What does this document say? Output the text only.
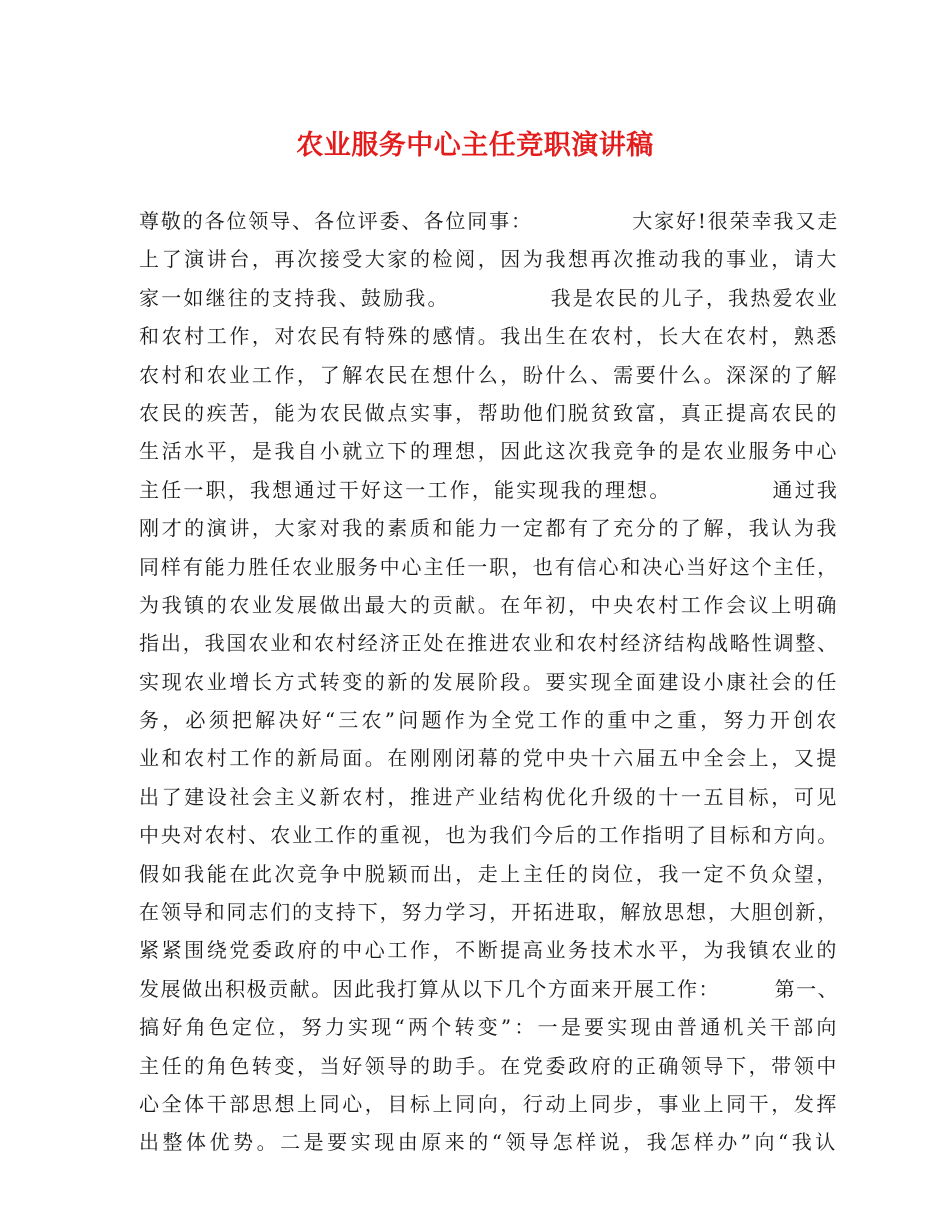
农业服务中心主任竞职演讲稿
尊敬的各位领导、各位评委、各位同事：　　　　　大家好!很荣幸我又走
上了演讲台，再次接受大家的检阅，因为我想再次推动我的事业，请大
家一如继往的支持我、鼓励我。　　　　　我是农民的儿子，我热爱农业
和农村工作，对农民有特殊的感情。我出生在农村，长大在农村，熟悉
农村和农业工作，了解农民在想什么，盼什么、需要什么。深深的了解
农民的疾苦，能为农民做点实事，帮助他们脱贫致富，真正提高农民的
生活水平，是我自小就立下的理想，因此这次我竞争的是农业服务中心
主任一职，我想通过干好这一工作，能实现我的理想。　　　　　通过我
刚才的演讲，大家对我的素质和能力一定都有了充分的了解，我认为我
同样有能力胜任农业服务中心主任一职，也有信心和决心当好这个主任，
为我镇的农业发展做出最大的贡献。在年初，中央农村工作会议上明确
指出，我国农业和农村经济正处在推进农业和农村经济结构战略性调整、
实现农业增长方式转变的新的发展阶段。要实现全面建设小康社会的任
务，必须把解决好“三农”问题作为全党工作的重中之重，努力开创农
业和农村工作的新局面。在刚刚闭幕的党中央十六届五中全会上，又提
出了建设社会主义新农村，推进产业结构优化升级的十一五目标，可见
中央对农村、农业工作的重视，也为我们今后的工作指明了目标和方向。
假如我能在此次竞争中脱颖而出，走上主任的岗位，我一定不负众望，
在领导和同志们的支持下，努力学习，开拓进取，解放思想，大胆创新，
紧紧围绕党委政府的中心工作，不断提高业务技术水平，为我镇农业的
发展做出积极贡献。因此我打算从以下几个方面来开展工作：　　　第一、
搞好角色定位，努力实现“两个转变”：一是要实现由普通机关干部向
主任的角色转变，当好领导的助手。在党委政府的正确领导下，带领中
心全体干部思想上同心，目标上同向，行动上同步，事业上同干，发挥
出整体优势。二是要实现由原来的“领导怎样说，我怎样办”向“我认
